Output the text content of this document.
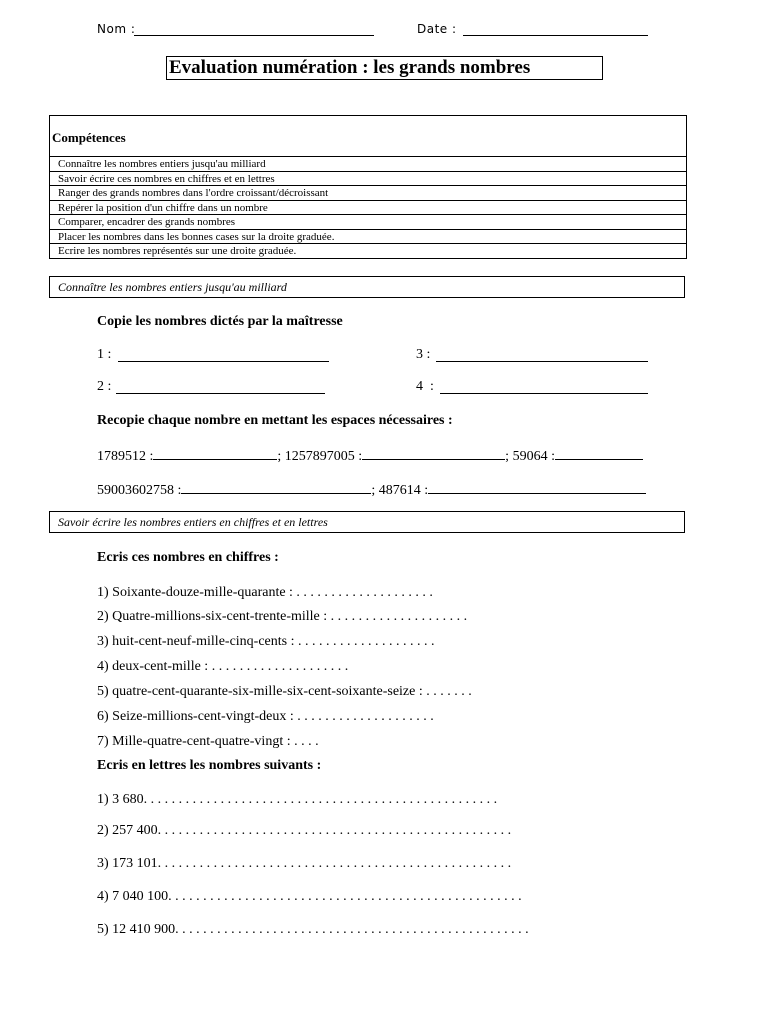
Nom :	Date :
Evaluation numération : les grands nombres
Compétences
Connaître les nombres entiers jusqu'au milliard
Savoir écrire ces nombres en chiffres et en lettres
Ranger des grands nombres dans l'ordre croissant/décroissant
Repérer la position d'un chiffre dans un nombre
Comparer, encadrer des grands nombres
Placer les nombres dans les bonnes cases sur la droite graduée.
Ecrire les nombres représentés sur une droite graduée.
Connaître les nombres entiers jusqu'au milliard
Copie les nombres dictés par la maîtresse
1 :	3 :
2 :	4  :
Recopie chaque nombre en mettant les espaces nécessaires :
1789512 :	; 1257897005 :	; 59064 :
59003602758 :	; 487614 :
Savoir écrire les nombres entiers en chiffres et en lettres
Ecris ces nombres en chiffres :
1) Soixante-douze-mille-quarante : . . . . . . . . . . . . . . . . . . . .
2) Quatre-millions-six-cent-trente-mille : . . . . . . . . . . . . . . . . . . . .
3) huit-cent-neuf-mille-cinq-cents : . . . . . . . . . . . . . . . . . . . .
4) deux-cent-mille : . . . . . . . . . . . . . . . . . . . .
5) quatre-cent-quarante-six-mille-six-cent-soixante-seize : . . . . . . .
6) Seize-millions-cent-vingt-deux : . . . . . . . . . . . . . . . . . . . .
7) Mille-quatre-cent-quatre-vingt : . . . .
Ecris en lettres les nombres suivants :
1) 3 680. . . . . . . . . . . . . . . . . . . . . . . . . . . . . . . . . . . . . . . . . . . . . . . . . . .
2) 257 400. . . . . . . . . . . . . . . . . . . . . . . . . . . . . . . . . . . . . . . . . . . . . . . . . . .
3) 173 101. . . . . . . . . . . . . . . . . . . . . . . . . . . . . . . . . . . . . . . . . . . . . . . . . . .
4) 7 040 100. . . . . . . . . . . . . . . . . . . . . . . . . . . . . . . . . . . . . . . . . . . . . . . . . . .
5) 12 410 900. . . . . . . . . . . . . . . . . . . . . . . . . . . . . . . . . . . . . . . . . . . . . . . . . . .
